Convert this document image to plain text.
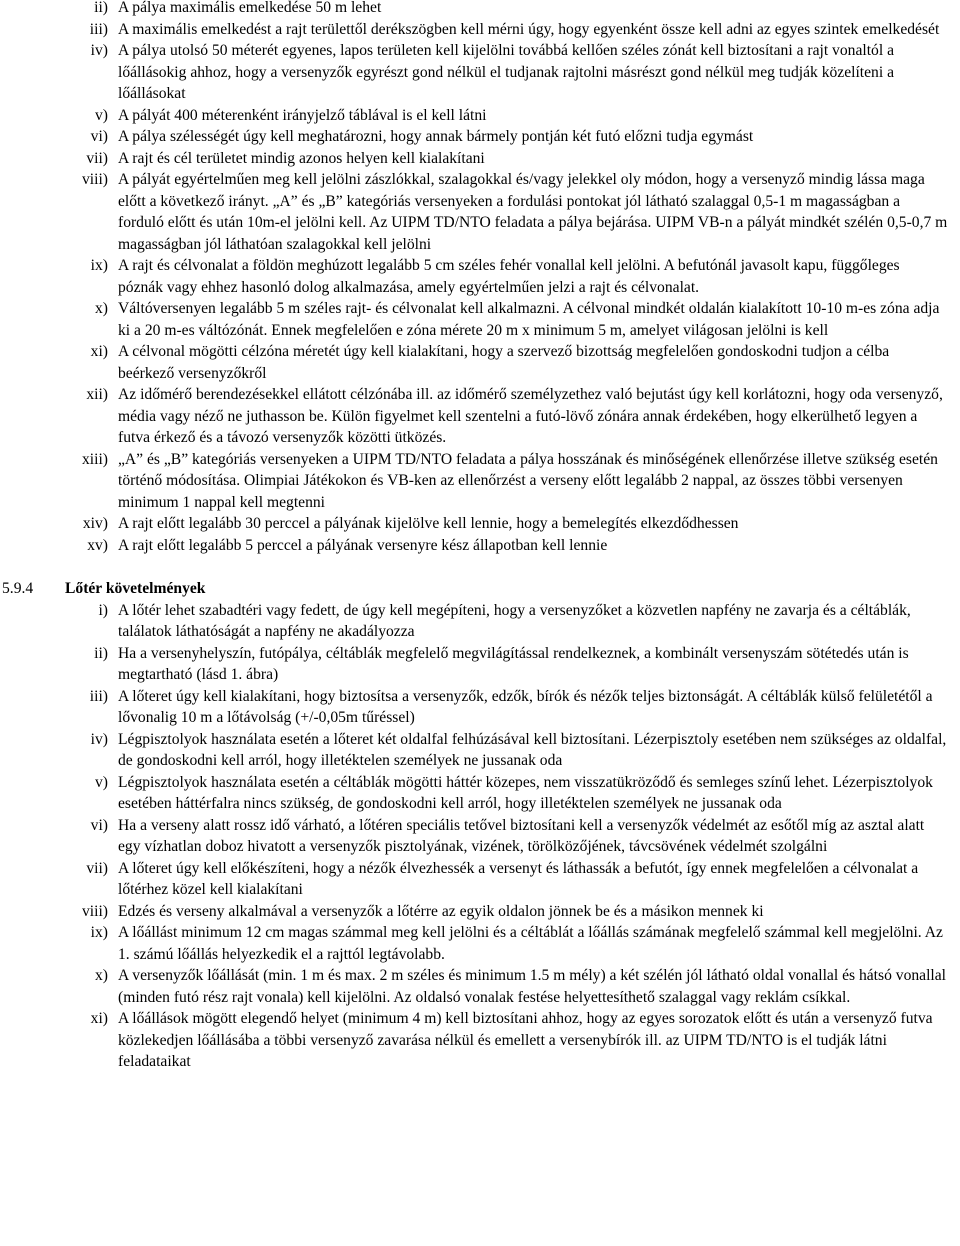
ii) A pálya maximális emelkedése 50 m lehet
iii) A maximális emelkedést a rajt területtől derékszögben kell mérni úgy, hogy egyenként össze kell adni az egyes szintek emelkedését
iv) A pálya utolsó 50 méterét egyenes, lapos területen kell kijelölni továbbá kellően széles zónát kell biztosítani a rajt vonaltól a lőállásokig ahhoz, hogy a versenyzők egyrészt gond nélkül el tudjanak rajtolni másrészt gond nélkül meg tudják közelíteni a lőállásokat
v) A pályát 400 méterenként irányjelző táblával is el kell látni
vi) A pálya szélességét úgy kell meghatározni, hogy annak bármely pontján két futó előzni tudja egymást
vii) A rajt és cél területet mindig azonos helyen kell kialakítani
viii) A pályát egyértelműen meg kell jelölni zászlókkal, szalagokkal és/vagy jelekkel oly módon, hogy a versenyző mindig lássa maga előtt a következő irányt. „A” és „B” kategóriás versenyeken a fordulási pontokat jól látható szalaggal 0,5-1 m magasságban a forduló előtt és után 10m-el jelölni kell. Az UIPM TD/NTO feladata a pálya bejárása. UIPM VB-n a pályát mindkét szélén 0,5-0,7 m magasságban jól láthatóan szalagokkal kell jelölni
ix) A rajt és célvonalat a földön meghúzott legalább 5 cm széles fehér vonallal kell jelölni. A befutónál javasolt kapu, függőleges póznák vagy ehhez hasonló dolog alkalmazása, amely egyértelműen jelzi a rajt és célvonalat.
x) Váltóversenyen legalább 5 m széles rajt- és célvonalat kell alkalmazni. A célvonal mindkét oldalán kialakított 10-10 m-es zóna adja ki a 20 m-es váltózónát. Ennek megfelelően e zóna mérete 20 m x minimum 5 m, amelyet világosan jelölni is kell
xi) A célvonal mögötti célzóna méretét úgy kell kialakítani, hogy a szervező bizottság megfelelően gondoskodni tudjon a célba beérkező versenyzőkről
xii) Az időmérő berendezésekkel ellátott célzónába ill. az időmérő személyzethez való bejutást úgy kell korlátozni, hogy oda versenyző, média vagy néző ne juthasson be. Külön figyelmet kell szentelni a futó-lövő zónára annak érdekében, hogy elkerülhető legyen a futva érkező és a távozó versenyzők közötti ütközés.
xiii) „A” és „B” kategóriás versenyeken a UIPM TD/NTO feladata a pálya hosszának és minőségének ellenőrzése illetve szükség esetén történő módosítása. Olimpiai Játékokon és VB-ken az ellenőrzést a verseny előtt legalább 2 nappal, az összes többi versenyen minimum 1 nappal kell megtenni
xiv) A rajt előtt legalább 30 perccel a pályának kijelölve kell lennie, hogy a bemelegítés elkezdődhessen
xv) A rajt előtt legalább 5 perccel a pályának versenyre kész állapotban kell lennie
5.9.4	Lőtér követelmények
i) A lőtér lehet szabadtéri vagy fedett, de úgy kell megépíteni, hogy a versenyzőket a közvetlen napfény ne zavarja és a céltáblák, találatok láthatóságát a napfény ne akadályozza
ii) Ha a versenyhelyszín, futópálya, céltáblák megfelelő megvilágítással rendelkeznek, a kombinált versenyszám sötétedés után is megtartható (lásd 1. ábra)
iii) A lőteret úgy kell kialakítani, hogy biztosítsa a versenyzők, edzők, bírók és nézők teljes biztonságát. A céltáblák külső felületétől a lővonalig 10 m a lőtávolság (+/-0,05m tűréssel)
iv) Légpisztolyok használata esetén a lőteret két oldalfal felhúzásával kell biztosítani. Lézerpisztoly esetében nem szükséges az oldalfal, de gondoskodni kell arról, hogy illetéktelen személyek ne jussanak oda
v) Légpisztolyok használata esetén a céltáblák mögötti háttér közepes, nem visszatükröződő és semleges színű lehet. Lézerpisztolyok esetében háttérfalra nincs szükség, de gondoskodni kell arról, hogy illetéktelen személyek ne jussanak oda
vi) Ha a verseny alatt rossz idő várható, a lőtéren speciális tetővel biztosítani kell a versenyzők védelmét az esőtől míg az asztal alatt egy vízhatlan doboz hivatott a versenyzők pisztolyának, vizének, törölközőjének, távcsövének védelmét szolgálni
vii) A lőteret úgy kell előkészíteni, hogy a nézők élvezhessék a versenyt és láthassák a befutót, így ennek megfelelően a célvonalat a lőtérhez közel kell kialakítani
viii) Edzés és verseny alkalmával a versenyzők a lőtérre az egyik oldalon jönnek be és a másikon mennek ki
ix) A lőállást minimum 12 cm magas számmal meg kell jelölni és a céltáblát a lőállás számának megfelelő számmal kell megjelölni. Az 1. számú lőállás helyezkedik el a rajttól legtávolabb.
x) A versenyzők lőállását (min. 1 m és max. 2 m széles és minimum 1.5 m mély) a két szélén jól látható oldal vonallal és hátsó vonallal (minden futó rész rajt vonala) kell kijelölni. Az oldalsó vonalak festése helyettesíthető szalaggal vagy reklám csíkkal.
xi) A lőállások mögött elegendő helyet (minimum 4 m) kell biztosítani ahhoz, hogy az egyes sorozatok előtt és után a versenyző futva közlekedjen lőállásába a többi versenyző zavarása nélkül és emellett a versenybírók ill. az UIPM TD/NTO is el tudják látni feladataikat
